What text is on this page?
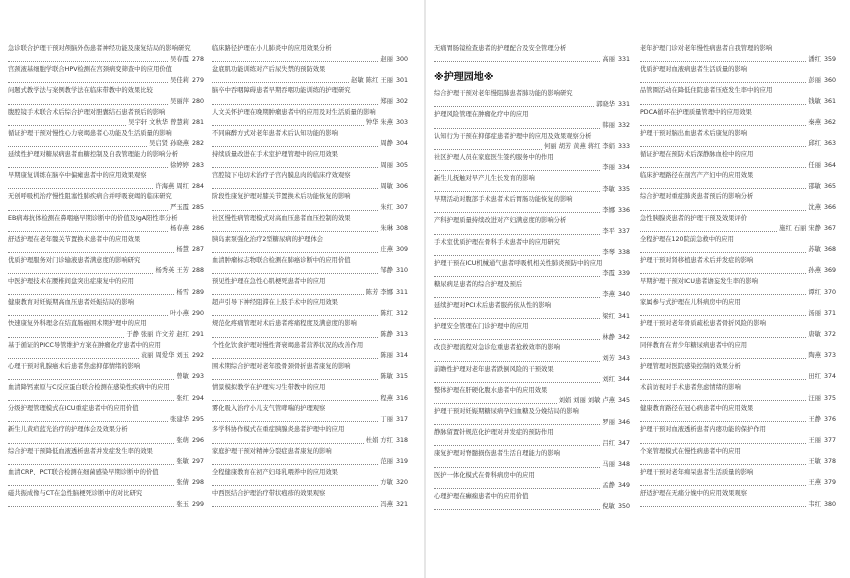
急诊联合护理干预对颅脑外伤患者神经功能及康复结局的影响研究
吴春霞 278
宫颈液基细胞学联合HPV检测在宫颈病变筛查中的应用价值
吴佳莉 279
问题式教学法与案例教学法在临床带教中的效果比较
吴丽萍 280
腹腔镜手术联合术后综合护理对胆囊结石患者预后的影响
吴宇轩 文秋华 曾慧莉 281
循证护理干预对慢性心力衰竭患者心功能及生活质量的影响
吴启贤 孙晓燕 282
延续性护理对糖尿病患者血糖控制及自我管理能力的影响分析
徐婷婷 283
早期康复训练在脑卒中偏瘫患者中的应用效果观察
许海燕 周红 284
无创呼吸机治疗慢性阻塞性肺疾病合并呼吸衰竭的临床研究
严玉霞 285
EB病毒抗体检测在鼻咽癌早期诊断中的价值及IgA阳性率分析
杨春燕 286
舒适护理在老年髋关节置换术患者中的应用效果
杨慧 287
优质护理服务对门诊输液患者满意度的影响研究
杨秀英 王芳 288
中医护理技术在腰椎间盘突出症康复中的应用
杨雪 289
健康教育对妊娠期高血压患者妊娠结局的影响
叶小燕 290
快速康复外科理念在结直肠癌围术期护理中的应用
于静 张丽 许文芳 赵红 291
基于循证的PICC导管维护方案在肿瘤化疗患者中的应用
袁丽 周爱华 刘玉 292
心理干预对乳腺癌术后患者焦虑抑郁情绪的影响
曾敏 293
血清降钙素原与C反应蛋白联合检测在感染性疾病中的应用
张红 294
分级护理管理模式在ICU重症患者中的应用价值
张建华 295
新生儿黄疸蓝光治疗的护理体会及效果分析
张萌 296
综合护理干预降低血液透析患者并发症发生率的效果
张敏 297
血清CRP、PCT联合检测在细菌感染早期诊断中的价值
张倩 298
磁共振成像与CT在急性脑梗死诊断中的对比研究
张玉 299
临床路径护理在小儿肺炎中的应用效果分析
赵丽 300
盆底肌功能训练对产后尿失禁的预防效果
赵敏 陈红 王丽 301
脑卒中吞咽障碍患者早期吞咽功能训练的护理研究
郑丽 302
人文关怀护理在晚期肿瘤患者中的应用及对生活质量的影响
钟华 朱燕 303
不同麻醉方式对老年患者术后认知功能的影响
周静 304
持续质量改进在手术室护理管理中的应用效果
周丽 305
宫腔镜下电切术治疗子宫内膜息肉的临床疗效观察
周敏 306
阶段性康复护理对膝关节置换术后功能恢复的影响
朱红 307
社区慢性病管理模式对高血压患者血压控制的效果
朱琳 308
胰岛素泵强化治疗2型糖尿病的护理体会
庄燕 309
血清肿瘤标志物联合检测在肺癌诊断中的应用价值
邹静 310
预见性护理在急性心肌梗死患者中的应用
陈芳 李娜 311
超声引导下神经阻滞在上肢手术中的应用效果
陈红 312
规范化疼痛管理对术后患者疼痛程度及满意度的影响
陈静 313
个性化饮食护理对慢性肾衰竭患者营养状况的改善作用
陈丽 314
围术期综合护理对老年股骨颈骨折患者康复的影响
陈敏 315
情景模拟教学在护理实习生带教中的应用
程燕 316
雾化吸入治疗小儿支气管哮喘的护理观察
丁丽 317
多学科协作模式在重症胰腺炎患者护理中的应用
杜娟 方红 318
家庭护理干预对精神分裂症患者康复的影响
范丽 319
全程健康教育在初产妇母乳喂养中的应用效果
方敏 320
中西医结合护理治疗带状疱疹的效果观察
冯燕 321
无痛胃肠镜检查患者的护理配合及安全管理分析
高丽 331
※护理园地※
综合护理干预对老年慢阻肺患者肺功能的影响研究
郭晓华 331
护理风险管理在肿瘤化疗中的应用
韩丽 332
认知行为干预在抑郁症患者护理中的应用及效果观察分析
何丽 胡芳 黄燕 蒋红 李娟 333
社区护理人员在家庭医生签约服务中的作用
李丽 334
新生儿抚触对早产儿生长发育的影响
李敏 335
早期活动对腹部手术患者术后胃肠功能恢复的影响
李娜 336
产科护理质量持续改进对产妇满意度的影响分析
李平 337
手术室优质护理在骨科手术患者中的应用研究
李琴 338
护理干预在ICU机械通气患者呼吸机相关性肺炎预防中的应用
李霞 339
糖尿病足患者的综合护理及预后
李燕 340
延续护理对PCI术后患者服药依从性的影响
梁红 341
护理安全管理在门诊护理中的应用
林静 342
改良护理流程对急诊危重患者抢救效率的影响
刘芳 343
前瞻性护理对老年患者跌倒风险的干预效果
刘红 344
整体护理在肝硬化腹水患者中的应用效果
刘娟 刘丽 刘敏 卢燕 345
护理干预对妊娠期糖尿病孕妇血糖及分娩结局的影响
罗丽 346
静脉留置针规范化护理对并发症的预防作用
吕红 347
康复护理对脊髓损伤患者生活自理能力的影响
马丽 348
医护一体化模式在骨科病房中的应用
孟静 349
心理护理在癫痫患者中的应用价值
倪敏 350
老年护理门诊对老年慢性病患者自我管理的影响
潘红 359
优质护理对血液病患者生活质量的影响
彭丽 360
品管圈活动在降低住院患者压疮发生率中的应用
钱敏 361
PDCA循环在护理质量管理中的应用效果
秦燕 362
护理干预对脑出血患者术后康复的影响
邱红 363
循证护理在预防术后深静脉血栓中的应用
任丽 364
临床护理路径在剖宫产产妇中的应用效果
邵敏 365
综合护理对重症肺炎患者预后的影响分析
沈燕 366
急性胰腺炎患者的护理干预及效果评价
施红 石丽 宋静 367
全程护理在120院前急救中的应用
苏敏 368
护理干预对肾移植患者术后并发症的影响
孙燕 369
早期护理干预对ICU患者谵妄发生率的影响
谭红 370
家属参与式护理在儿科病房中的应用
汤丽 371
护理干预对老年骨质疏松患者骨折风险的影响
唐敏 372
同伴教育在青少年糖尿病患者中的应用
陶燕 373
护理管理对医院感染控制的效果分析
田红 374
术前访视对手术患者焦虑情绪的影响
汪丽 375
健康教育路径在冠心病患者中的应用效果
王静 376
护理干预对血液透析患者内瘘功能的保护作用
王丽 377
个案管理模式在慢性病患者中的应用
王敏 378
护理干预对老年痴呆患者生活质量的影响
王燕 379
舒适护理在无痛分娩中的应用效果观察
韦红 380
